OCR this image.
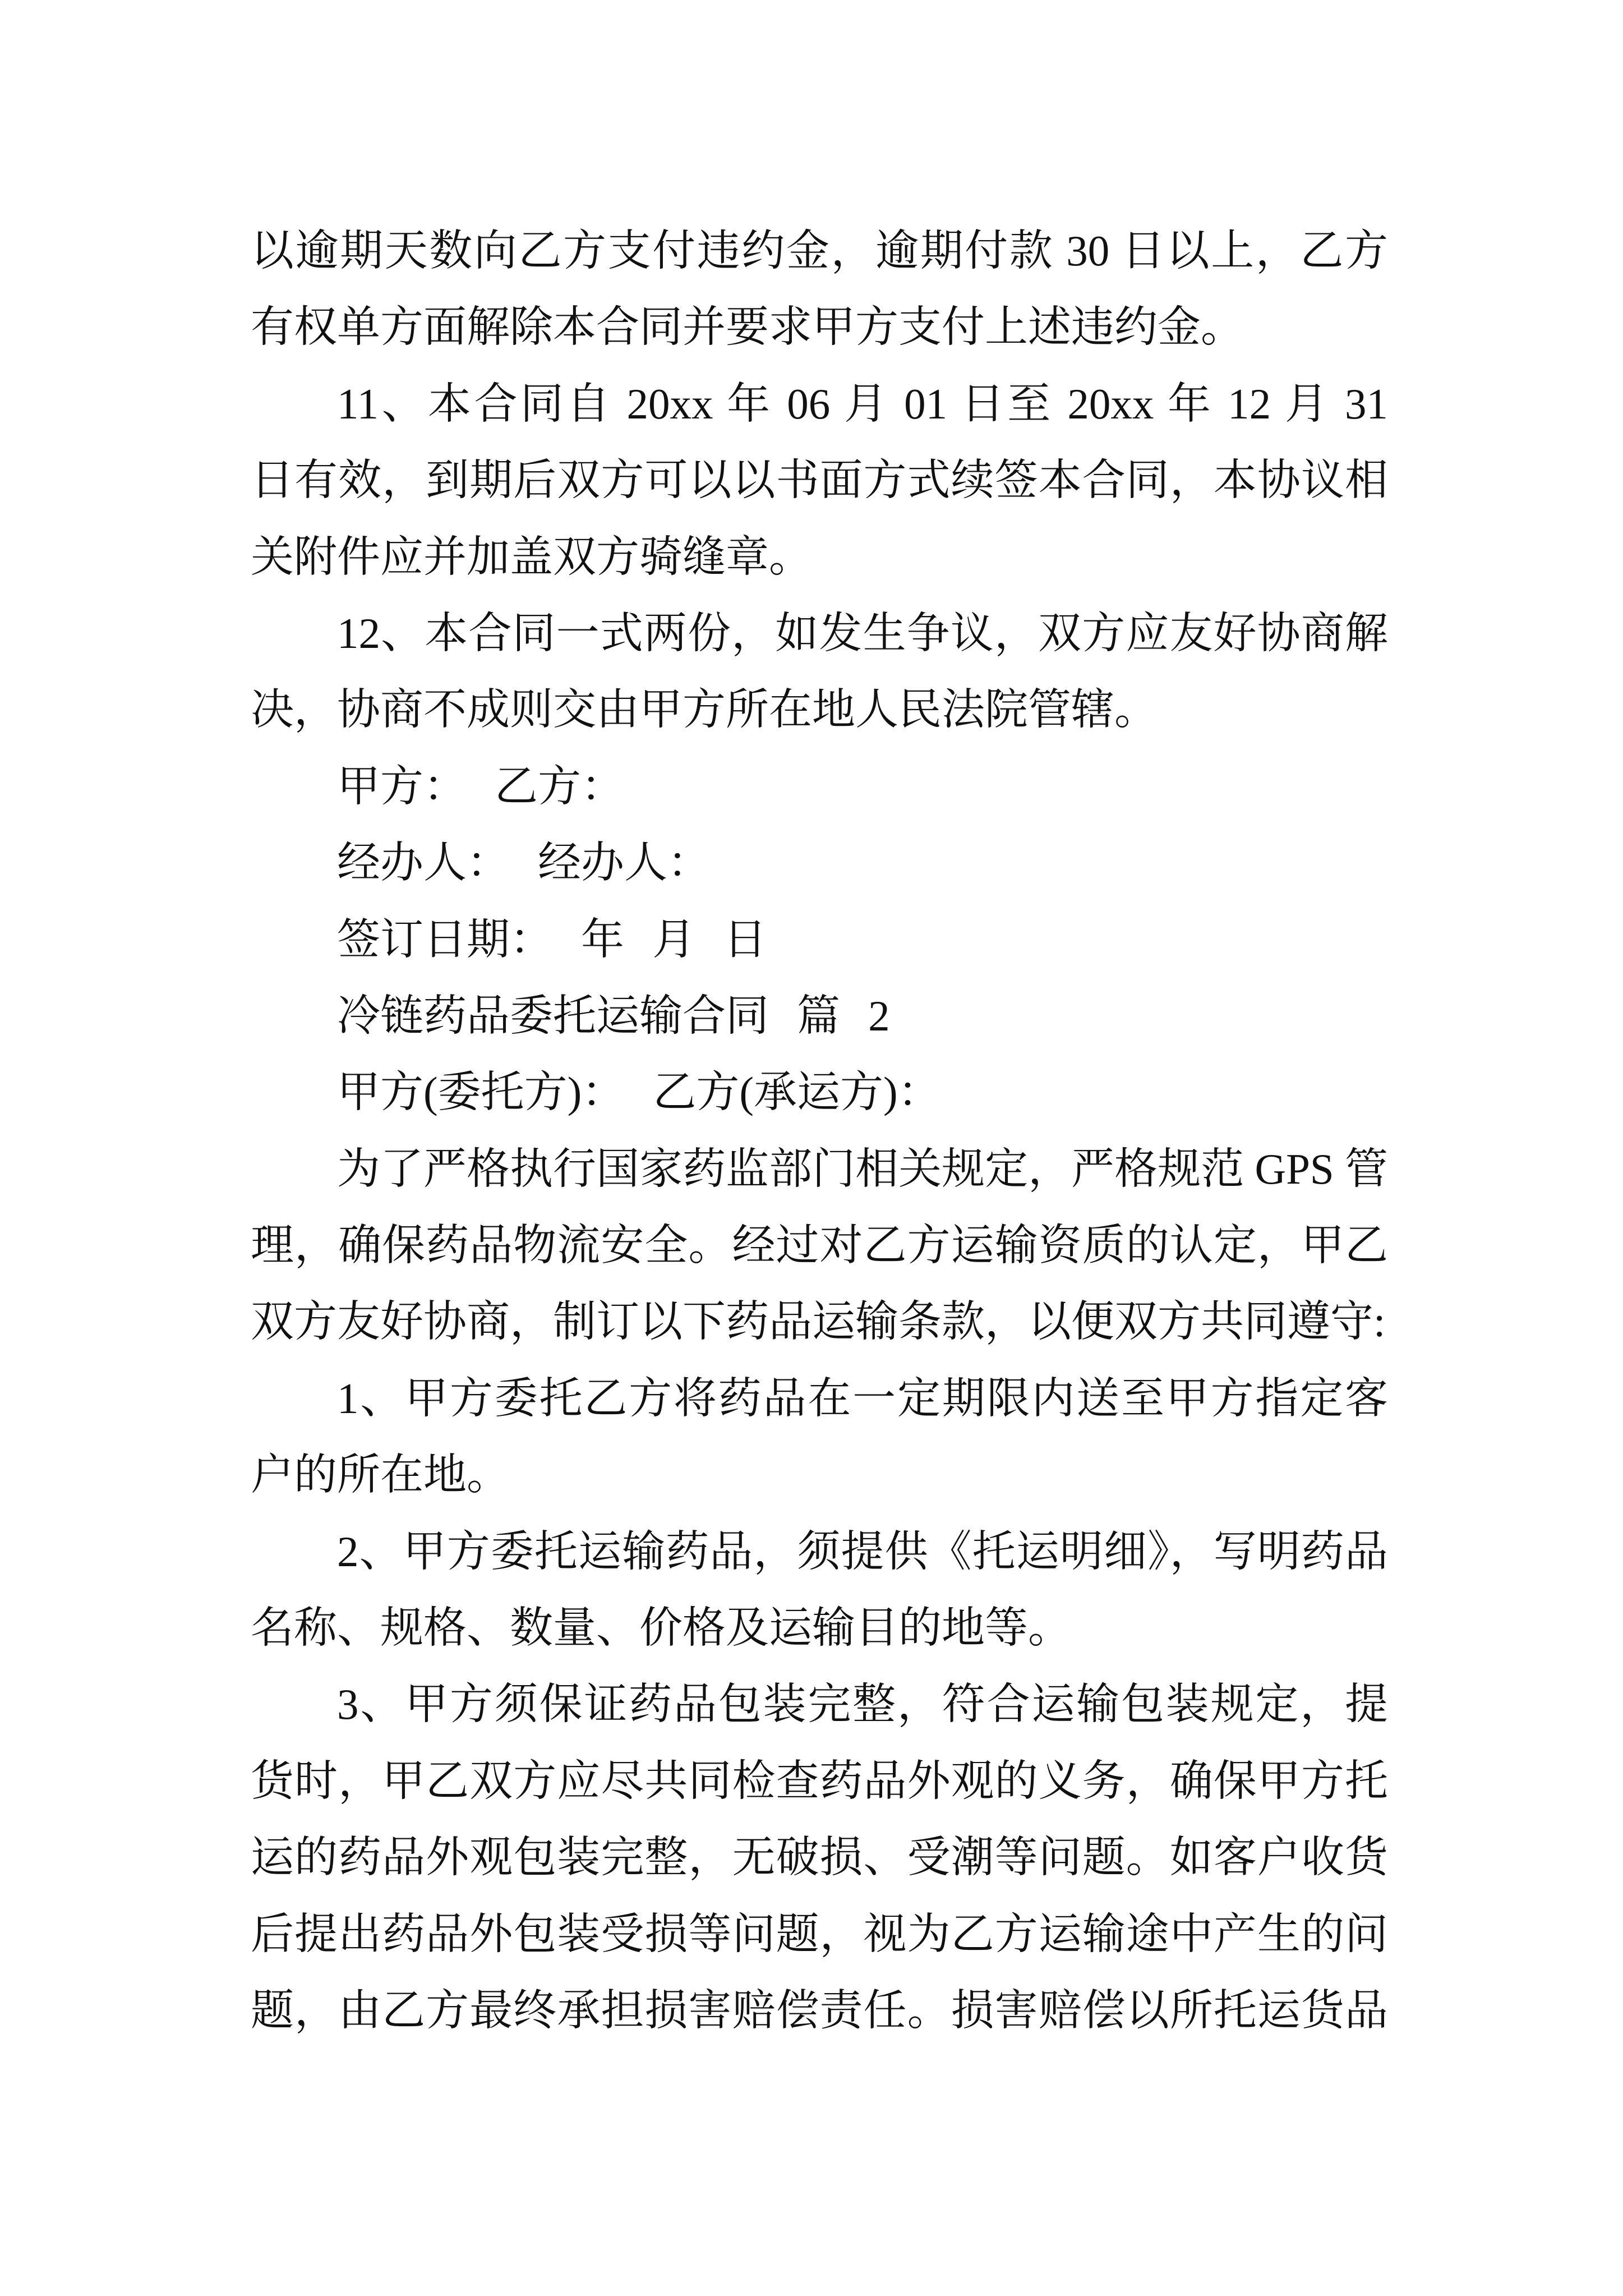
以逾期天数向乙方支付违约金，逾期付款 30 日以上，乙方
有权单方面解除本合同并要求甲方支付上述违约金。
11、本合同自 20xx 年 06 月 01 日至 20xx 年 12 月 31
日有效，到期后双方可以以书面方式续签本合同，本协议相
关附件应并加盖双方骑缝章。
12、本合同一式两份，如发生争议，双方应友好协商解
决，协商不成则交由甲方所在地人民法院管辖。
甲方： 乙方：
经办人： 经办人：
签订日期： 年 月 日
冷链药品委托运输合同 篇 2
甲方(委托方)： 乙方(承运方)：
为了严格执行国家药监部门相关规定，严格规范 GPS 管
理，确保药品物流安全。经过对乙方运输资质的认定，甲乙
双方友好协商，制订以下药品运输条款，以便双方共同遵守:
1、甲方委托乙方将药品在一定期限内送至甲方指定客
户的所在地。
2、甲方委托运输药品，须提供《托运明细》，写明药品
名称、规格、数量、价格及运输目的地等。
3、甲方须保证药品包装完整，符合运输包装规定，提
货时，甲乙双方应尽共同检查药品外观的义务，确保甲方托
运的药品外观包装完整，无破损、受潮等问题。如客户收货
后提出药品外包装受损等问题，视为乙方运输途中产生的问
题，由乙方最终承担损害赔偿责任。损害赔偿以所托运货品
